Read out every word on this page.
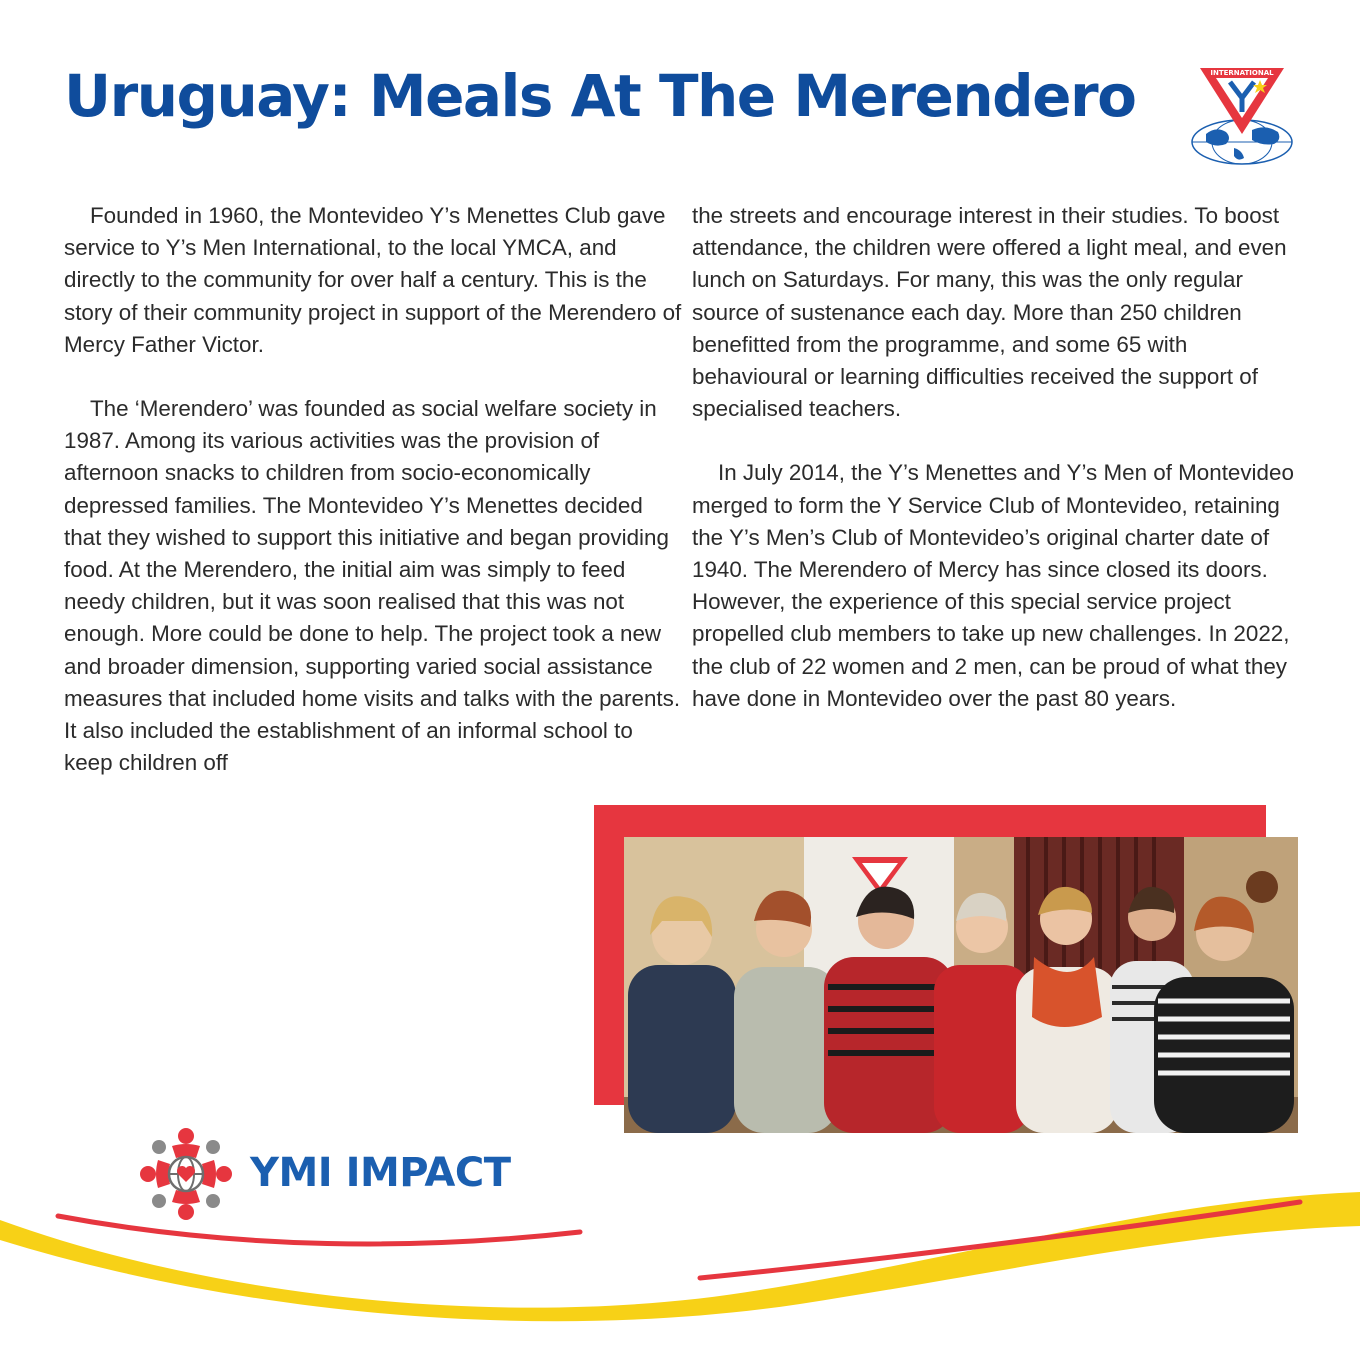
Uruguay: Meals At The Merendero	INTERNATIONAL

Founded in 1960, the Montevideo Y’s Menettes Club gave service to Y’s Men International, to the local YMCA, and directly to the community for over half a century. This is the story of their community project in support of the Merendero of Mercy Father Victor.

The ‘Merendero’ was founded as social welfare society in 1987. Among its various activities was the provision of afternoon snacks to children from socio-economically depressed families. The Montevideo Y’s Menettes decided that they wished to support this initiative and began providing food. At the Merendero, the initial aim was simply to feed needy children, but it was soon realised that this was not enough. More could be done to help. The project took a new and broader dimension, supporting varied social assistance measures that included home visits and talks with the parents. It also included the establishment of an informal school to keep children off

the streets and encourage interest in their studies. To boost attendance, the children were offered a light meal, and even lunch on Saturdays. For many, this was the only regular source of sustenance each day. More than 250 children benefitted from the programme, and some 65 with behavioural or learning difficulties received the support of specialised teachers.

In July 2014, the Y’s Menettes and Y’s Men of Montevideo merged to form the Y Service Club of Montevideo, retaining the Y’s Men’s Club of Montevideo’s original charter date of 1940. The Merendero of Mercy has since closed its doors. However, the experience of this special service project propelled club members to take up new challenges. In 2022, the club of 22 women and 2 men, can be proud of what they have done in Montevideo over the past 80 years.

YMI IMPACT
